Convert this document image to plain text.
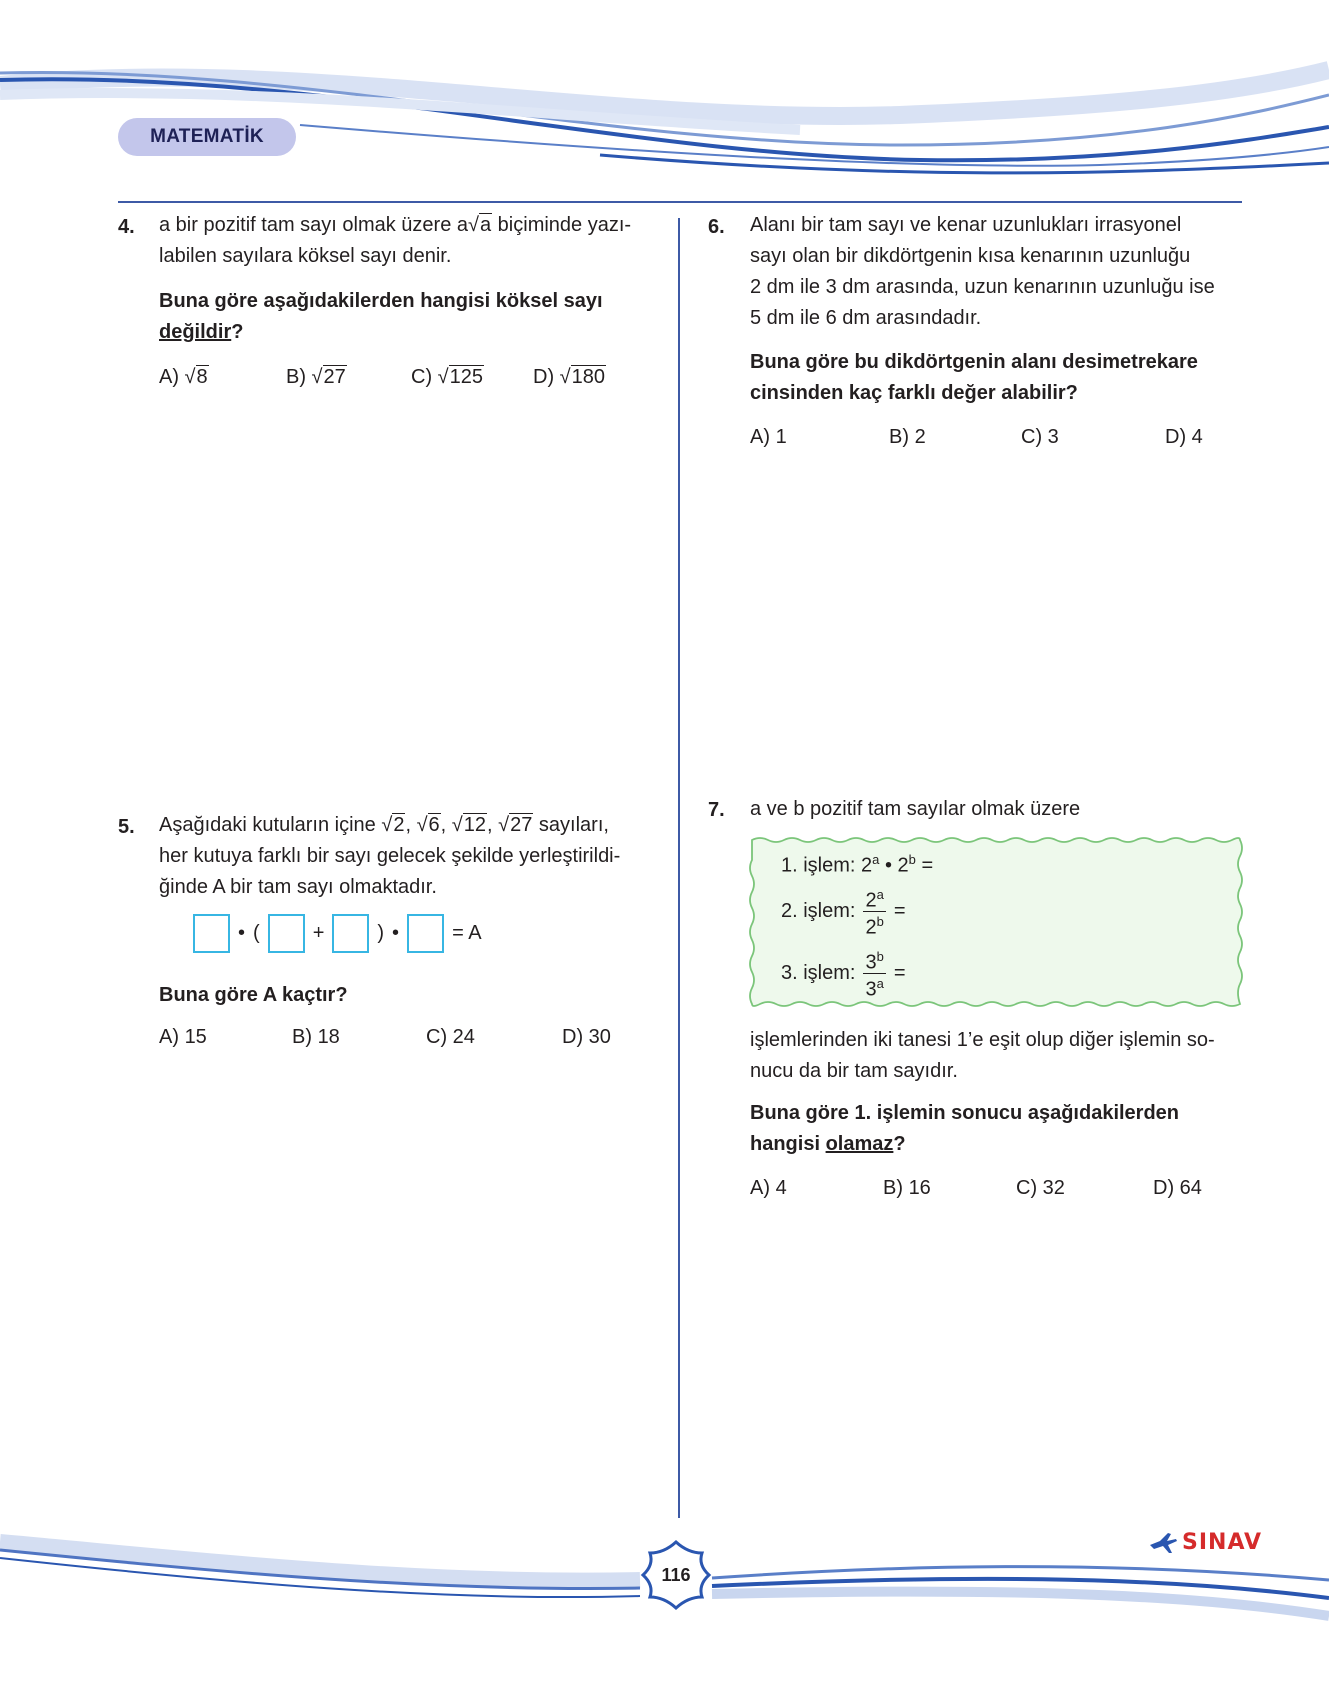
MATEMATİK
4. a bir pozitif tam sayı olmak üzere a√a biçiminde yazı-
labilen sayılara köksel sayı denir.
Buna göre aşağıdakilerden hangisi köksel sayı
değildir?
A) √8	B) √27	C) √125 D) √180
5. Aşağıdaki kutuların içine √2, √6, √12, √27 sayıları,
her kutuya farklı bir sayı gelecek şekilde yerleştirildi-
ğinde A bir tam sayı olmaktadır.
• (	+	) •	= A
Buna göre A kaçtır?
A) 15	B) 18	C) 24	D) 30
6. Alanı bir tam sayı ve kenar uzunlukları irrasyonel
sayı olan bir dikdörtgenin kısa kenarının uzunluğu
2 dm ile 3 dm arasında, uzun kenarının uzunluğu ise
5 dm ile 6 dm arasındadır.
Buna göre bu dikdörtgenin alanı desimetrekare
cinsinden kaç farklı değer alabilir?
A) 1	B) 2	C) 3	D) 4
7. a ve b pozitif tam sayılar olmak üzere
1. işlem: 2$^a$ • $2^b$ =
2. işlem: $\frac{2^a}{2^b}$ =
3. işlem: $\frac{3^b}{3^a}$ =
işlemlerinden iki tanesi 1’e eşit olup diğer işlemin so-
nucu da bir tam sayıdır.
Buna göre 1. işlemin sonucu aşağıdakilerden
hangisi olamaz?
A) 4	B) 16	C) 32	D) 64
116
SINAV
